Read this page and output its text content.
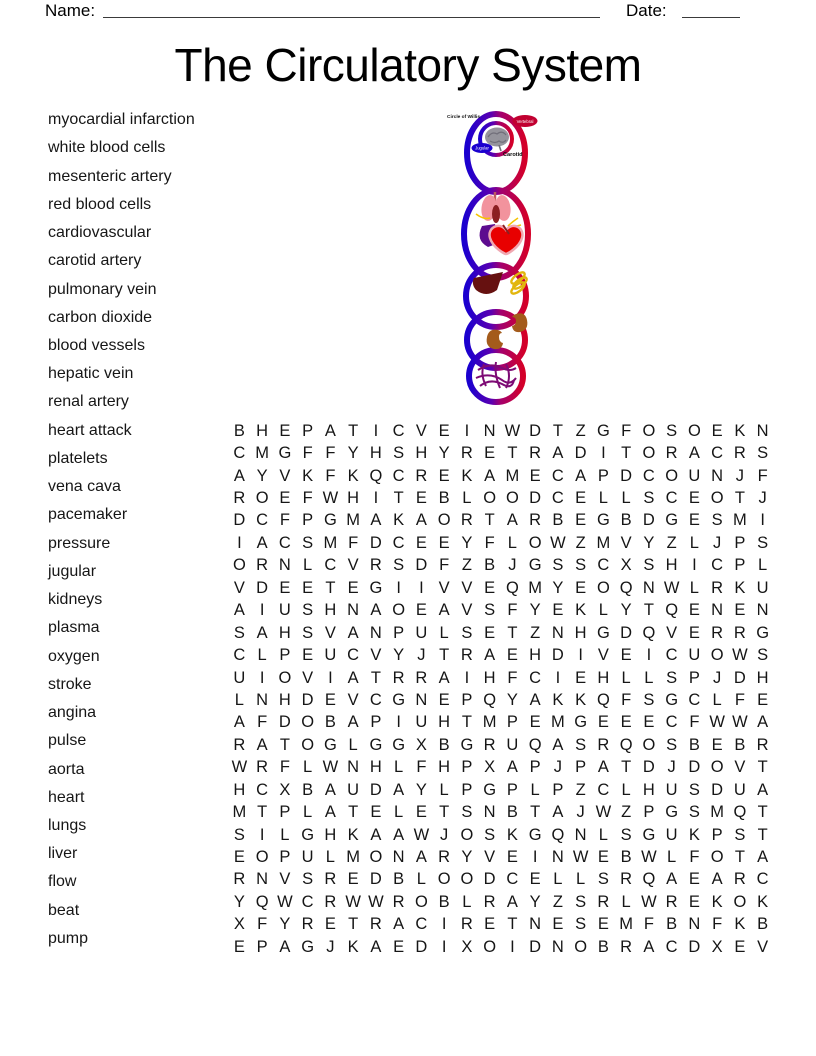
Name:	Date:
The Circulatory System
myocardial infarction
white blood cells
mesenteric artery
red blood cells
cardiovascular
carotid artery
pulmonary vein
carbon dioxide
blood vessels
hepatic vein
renal artery
heart attack
platelets
vena cava
pacemaker
pressure
jugular
kidneys
plasma
oxygen
stroke
angina
pulse
aorta
heart
lungs
liver
flow
beat
pump
Circle of Willis
Vertebral
Jugular
Carotid
B H E P A T I C V E I N W D T Z G F O S O E K N
C M G F F Y H S H Y R E T R A D I T O R A C R S
A Y V K F K Q C R E K A M E C A P D C O U N J F
R O E F W H I T E B L O O D C E L L S C E O T J
D C F P G M A K A O R T A R B E G B D G E S M I
I A C S M F D C E E Y F L O W Z M V Y Z L J P S
O R N L C V R S D F Z B J G S S C X S H I C P L
V D E E T E G I	I V V E Q M Y E O Q N W L R K U
A I U S H N A O E A V S F Y E K L Y T Q E N E N
S A H S V A N P U L S E T Z N H G D Q V E R R G
C L P E U C V Y J T R A E H D I V E I C U O W S
U I O V I A T R R A I H F C I E H L L S P J D H
L N H D E V C G N E P Q Y A K K Q F S G C L F E
A F D O B A P I U H T M P E M G E E E C F W W A
R A T O G L G G X B G R U Q A S R Q O S B E B R
W R F L W N H L F H P X A P J P A T D J D O V T
H C X B A U D A Y L P G P L P Z C L H U S D U A
M T P L A T E L E T S N B T A J W Z P G S M Q T
S I L G H K A A W J O S K G Q N L S G U K P S T
E O P U L M O N A R Y V E I N W E B W L F O T A
R N V S R E D B L O O D C E L L S R Q A E A R C
Y Q W C R W W R O B L R A Y Z S R L W R E K O K
X F Y R E T R A C I R E T N E S E M F B N F K B
E P A G J K A E D I X O I D N O B R A C D X E V
